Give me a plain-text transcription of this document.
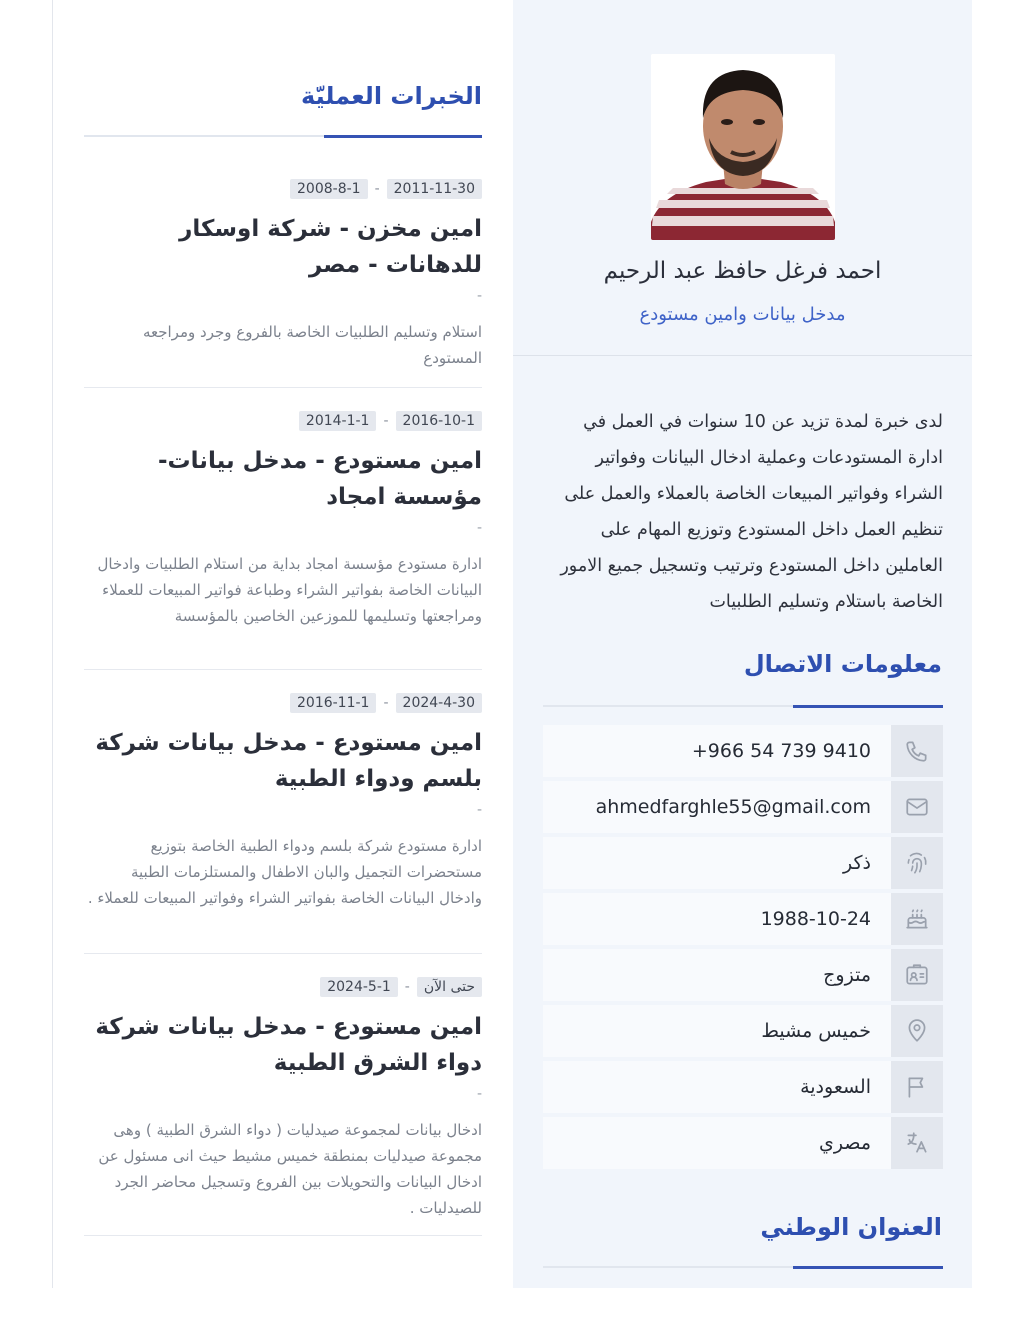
احمد فرغل حافظ عبد الرحيم
مدخل بيانات وامين مستودع

لدى خبرة لمدة تزيد عن 10 سنوات في العمل في ادارة المستودعات وعملية ادخال البيانات وفواتير الشراء وفواتير المبيعات الخاصة بالعملاء والعمل على تنظيم العمل داخل المستودع وتوزيع المهام على العاملين داخل المستودع وترتيب وتسجيل جميع الامور الخاصة باستلام وتسليم الطلبيات

معلومات الاتصال
+966 54 739 9410
ahmedfarghle55@gmail.com
ذكر
1988-10-24
متزوج
خميس مشيط
السعودية
مصري
العنوان الوطني
الخبرات العمليّة
2011-11-30
-
2008-8-1
امين مخزن - شركة اوسكار للدهانات - مصر
-
استلام وتسليم الطلبيات الخاصة بالفروع وجرد ومراجعه المستودع
2016-10-1
-
2014-1-1
امين مستودع - مدخل بيانات- مؤسسة امجاد
-
ادارة مستودع مؤسسة امجاد بداية من استلام الطلبيات وادخال البيانات الخاصة بفواتير الشراء وطباعة فواتير المبيعات للعملاء ومراجعتها وتسليمها للموزعين الخاصين بالمؤسسة
2024-4-30
-
2016-11-1
امين مستودع - مدخل بيانات شركة بلسم ودواء الطبية
-
ادارة مستودع شركة بلسم ودواء الطبية الخاصة بتوزيع مستحضرات التجميل والبان الاطفال والمستلزمات الطبية وادخال البيانات الخاصة بفواتير الشراء وفواتير المبيعات للعملاء .
حتى الآن
-
2024-5-1
امين مستودع - مدخل بيانات شركة دواء الشرق الطبية
-
ادخال بيانات لمجموعة صيدليات ( دواء الشرق الطبية ) وهى مجموعة صيدليات بمنطقة خميس مشيط حيث انى مسئول عن ادخال البيانات والتحويلات بين الفروع وتسجيل محاضر الجرد للصيدليات .
